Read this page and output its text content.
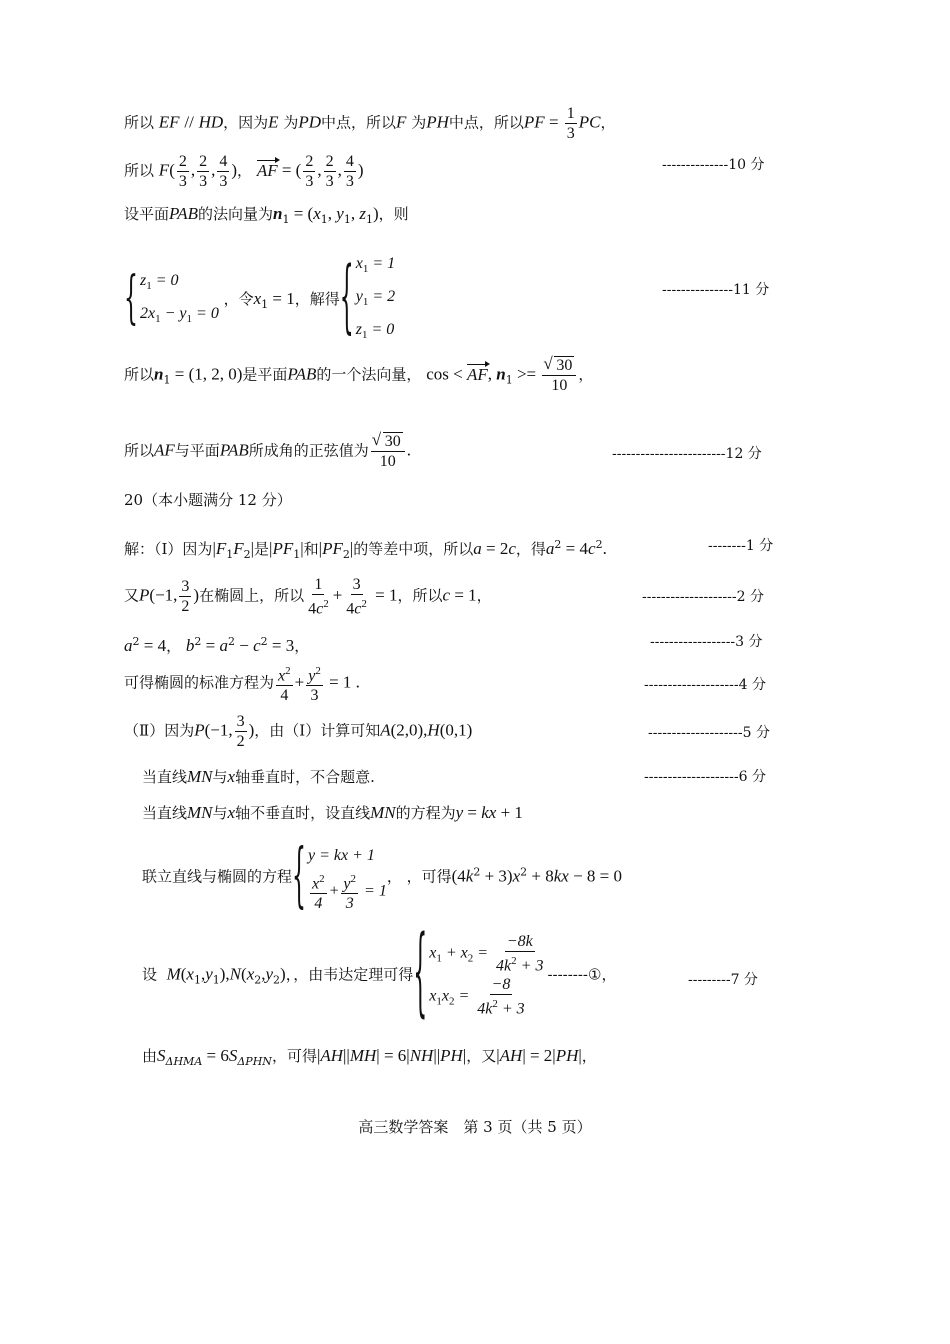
所以 EF // HD，因为E 为PD中点，所以F 为PH中点，所以PF = $\frac{1}{3}$ PC，
所以 $F( \frac{2}{3}$ , $\frac{2}{3}$ , $\frac{4}{3}$ )， AF = ( $\frac{2}{3}$ , $\frac{2}{3}$ , $\frac{4}{3}$ )	--------------10 分
设平面PAB的法向量为$n_1 = (x_1$, $y_1$, $z_1$)，则
{ $z_1 = 0$
$2x_1 - y_1 = 0$
，令$x_1 = 1$，解得 { $x_1 = 1$
$y_1 = 2$
$z_1 = 0$
---------------11 分
所以$n_1 = (1$, 2, 0)是平面PAB的一个法向量， cos < AF, $n_1$ >= √ $\frac{30}{10}$ ，
所以AF与平面PAB所成角的正弦值为 √ $\frac{30}{10}$ .	------------------------12 分
20（本小题满分 12 分）
解：（Ⅰ）因为$|F_1F_2|$是$|PF_1|$和$|PF_2|$的等差中项，所以a = 2c，得$a^2 = 4c^2$.	--------1 分
又P(−1, $\frac{3}{2}$ )在椭圆上，所以 $\frac{1}{4c^2} + \frac{3}{4c^2} = 1$，所以c = 1，	--------------------2 分
$a^2 = 4$， $b^2 = a^2 - c^2 = 3$，	------------------3 分
可得椭圆的标准方程为 $\frac{x^2}{4} + \frac{y^2}{3} = 1$ .	--------------------4 分
（Ⅱ）因为P(−1, $\frac{3}{2}$ )，由（Ⅰ）计算可知A(2,0),H(0,1)	--------------------5 分
当直线MN与x轴垂直时，不合题意.	--------------------6 分
当直线MN与x轴不垂直时，设直线MN的方程为y = kx + 1
联立直线与椭圆的方程 { y = kx + 1
$\frac{x^2}{4} + \frac{y^2}{3} = 1$
， ，可得$(4k^2 + 3)x^2 + 8kx - 8 = 0$
设 $M(x_1,y_1),N(x_2,y_2)$，，由韦达定理可得 { $x_1 + x_2 = \frac{-8k}{4k^2 + 3}$
$x_1x_2 = \frac{-8}{4k^2 + 3}$
--------①，	---------7 分
由$S_{\Delta HMA} = 6S_{\Delta PHN}$，可得|AH||MH| = 6|NH||PH|，又|AH| = 2|PH|，
高三数学答案　第 3 页（共 5 页）
